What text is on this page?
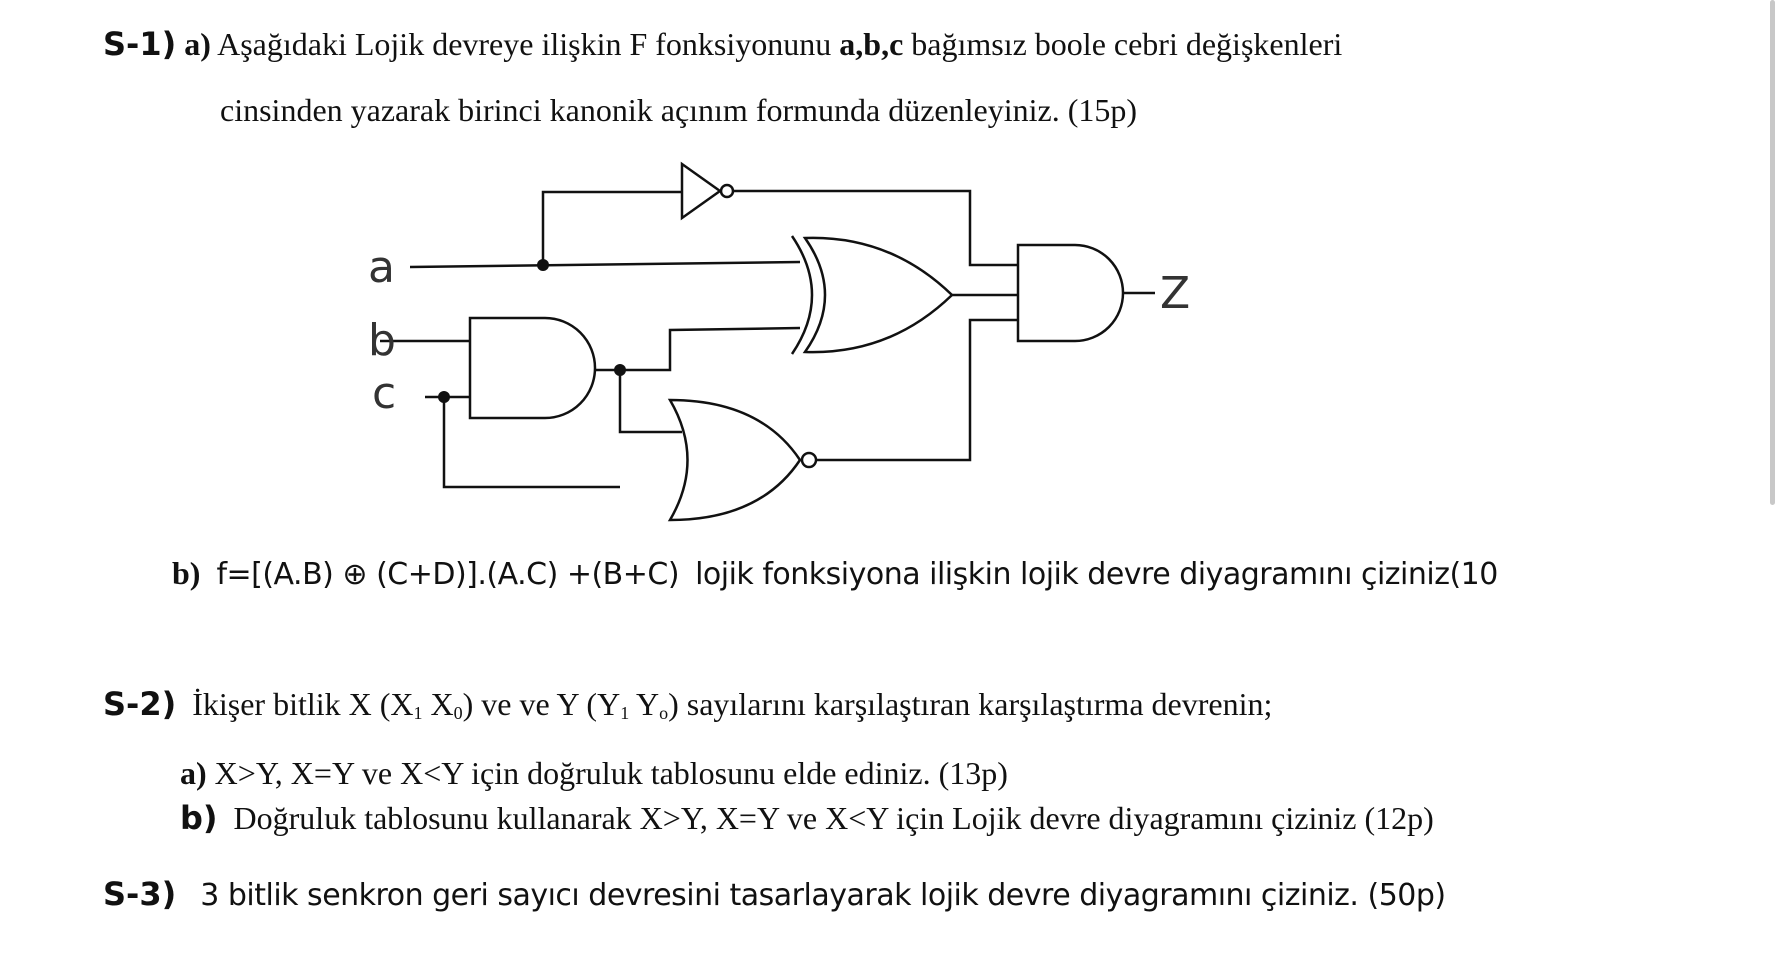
S-1) a) Aşağıdaki Lojik devreye ilişkin F fonksiyonunu a,b,c bağımsız boole cebri değişkenleri
cinsinden yazarak birinci kanonik açınım formunda düzenleyiniz. (15p)
a
b
c
Z
b) f=[(A.B) ⊕ (C+D)].(A.C) +(B+C) lojik fonksiyona ilişkin lojik devre diyagramını çiziniz(10
S-2) İkişer bitlik X ($X_1$ $X_0$) ve ve Y ($Y_1$ $Y_o$) sayılarını karşılaştıran karşılaştırma devrenin;
a) X>Y, X=Y ve X<Y için doğruluk tablosunu elde ediniz. (13p)
b) Doğruluk tablosunu kullanarak X>Y, X=Y ve X<Y için Lojik devre diyagramını çiziniz (12p)
S-3) 3 bitlik senkron geri sayıcı devresini tasarlayarak lojik devre diyagramını çiziniz. (50p)
